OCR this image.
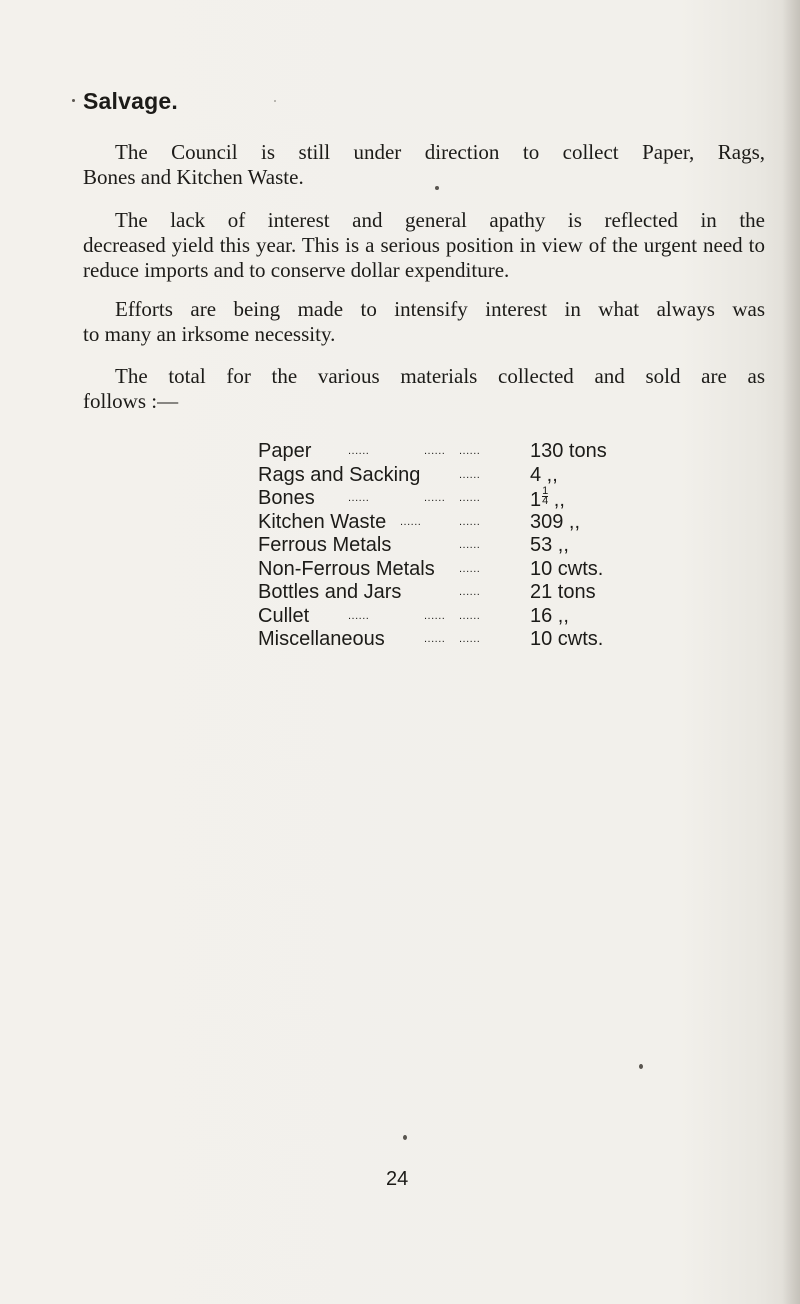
Salvage.

The Council is still under direction to collect Paper, Rags,
Bones and Kitchen Waste.

The lack of interest and general apathy is reflected in the
decreased yield this year. This is a serious position in view of the urgent need to reduce imports and to conserve dollar expenditure.

Efforts are being made to intensify interest in what always was
to many an irksome necessity.

The total for the various materials collected and sold are as
follows :—

Paper	......	...... ...... 130 tons
Rags and Sacking	...... 4 ,,
Bones	......	...... ...... $1 \frac{1}{4}$ ,,
Kitchen Waste ......	...... 309 ,,
Ferrous Metals	...... 53 ,,
Non-Ferrous Metals ...... 10 cwts.
Bottles and Jars	...... 21 tons
Cullet	......	...... ...... 16 ,,
Miscellaneous	...... ...... 10 cwts.
24
